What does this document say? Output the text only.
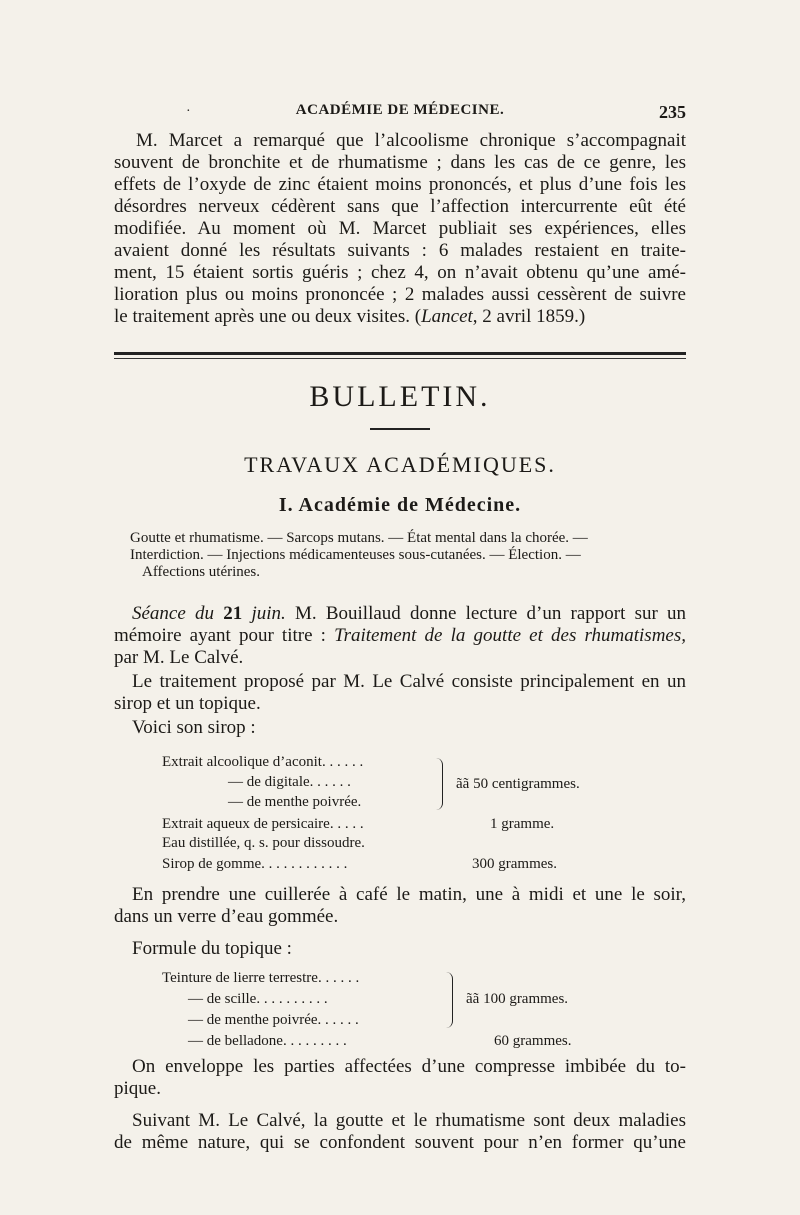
·	ACADÉMIE DE MÉDECINE.	235
M. Marcet a remarqué que l’alcoolisme chronique s’accompagnait
souvent de bronchite et de rhumatisme ; dans les cas de ce genre, les
effets de l’oxyde de zinc étaient moins prononcés, et plus d’une fois les
désordres nerveux cédèrent sans que l’affection intercurrente eût été
modifiée. Au moment où M. Marcet publiait ses expériences, elles
avaient donné les résultats suivants : 6 malades restaient en traite-
ment, 15 étaient sortis guéris ; chez 4, on n’avait obtenu qu’une amé-
lioration plus ou moins prononcée ; 2 malades aussi cessèrent de suivre
le traitement après une ou deux visites. (Lancet, 2 avril 1859.)
BULLETIN.
TRAVAUX ACADÉMIQUES.
I. Académie de Médecine.
Goutte et rhumatisme. — Sarcops mutans. — État mental dans la chorée. —
Interdiction. — Injections médicamenteuses sous-cutanées. — Élection. —
Affections utérines.
Séance du 21 juin. M. Bouillaud donne lecture d’un rapport sur un
mémoire ayant pour titre : Traitement de la goutte et des rhumatismes,
par M. Le Calvé.
Le traitement proposé par M. Le Calvé consiste principalement en un
sirop et un topique.
Voici son sirop :
Extrait alcoolique d’aconit. . . . . .
— de digitale. . . . . .
— de menthe poivrée.
ãã 50 centigrammes.
Extrait aqueux de persicaire. . . . .	1 gramme.
Eau distillée, q. s. pour dissoudre.
Sirop de gomme. . . . . . . . . . . .	300 grammes.
En prendre une cuillerée à café le matin, une à midi et une le soir,
dans un verre d’eau gommée.
Formule du topique :
Teinture de lierre terrestre. . . . . .
— de scille. . . . . . . . . .
— de menthe poivrée. . . . . .
ãã 100 grammes.
— de belladone. . . . . . . . .	60 grammes.
On enveloppe les parties affectées d’une compresse imbibée du to-
pique.
Suivant M. Le Calvé, la goutte et le rhumatisme sont deux maladies
de même nature, qui se confondent souvent pour n’en former qu’une
